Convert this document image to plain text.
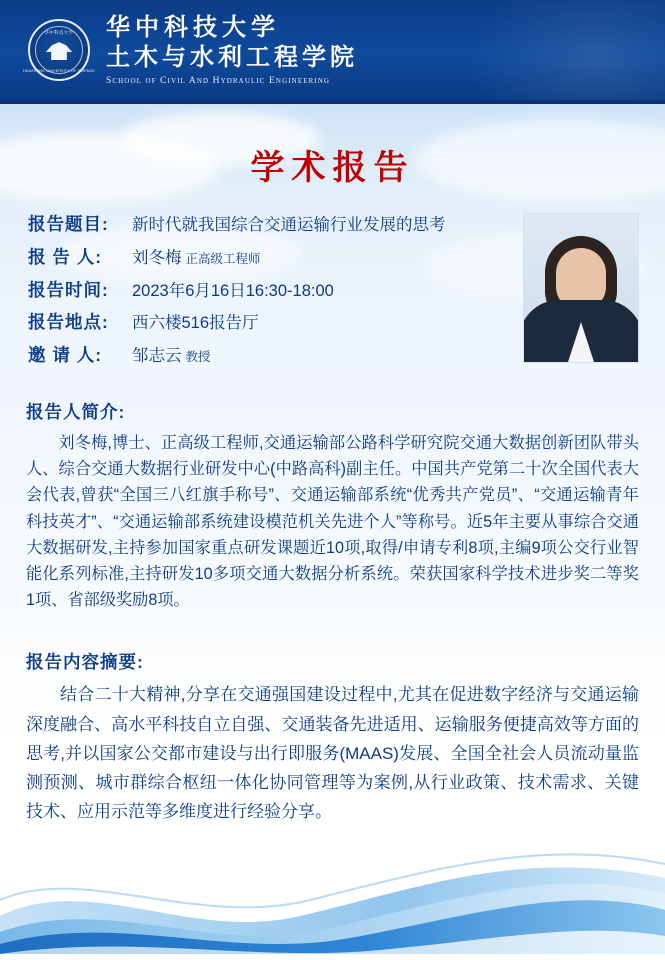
华中科技大学
HUAZHONG UNIVERSITY OF SCIENCE
华中科技大学
土木与水利工程学院
School of Civil And Hydraulic Engineering
学术报告
报告题目:	新时代就我国综合交通运输行业发展的思考
报 告 人:	刘冬梅 正高级工程师
报告时间:	2023年6月16日16:30-18:00
报告地点:	西六楼516报告厅
邀 请 人:	邹志云 教授
报告人简介:
刘冬梅,博士、正高级工程师,交通运输部公路科学研究院交通大数据创新团队带头人、综合交通大数据行业研发中心(中路高科)副主任。中国共产党第二十次全国代表大会代表,曾获“全国三八红旗手称号”、交通运输部系统“优秀共产党员”、“交通运输青年科技英才”、“交通运输部系统建设模范机关先进个人”等称号。近5年主要从事综合交通大数据研发,主持参加国家重点研发课题近10项,取得/申请专利8项,主编9项公交行业智能化系列标准,主持研发10多项交通大数据分析系统。荣获国家科学技术进步奖二等奖1项、省部级奖励8项。
报告内容摘要:
结合二十大精神,分享在交通强国建设过程中,尤其在促进数字经济与交通运输深度融合、高水平科技自立自强、交通装备先进适用、运输服务便捷高效等方面的思考,并以国家公交都市建设与出行即服务(MAAS)发展、全国全社会人员流动量监测预测、城市群综合枢纽一体化协同管理等为案例,从行业政策、技术需求、关键技术、应用示范等多维度进行经验分享。
